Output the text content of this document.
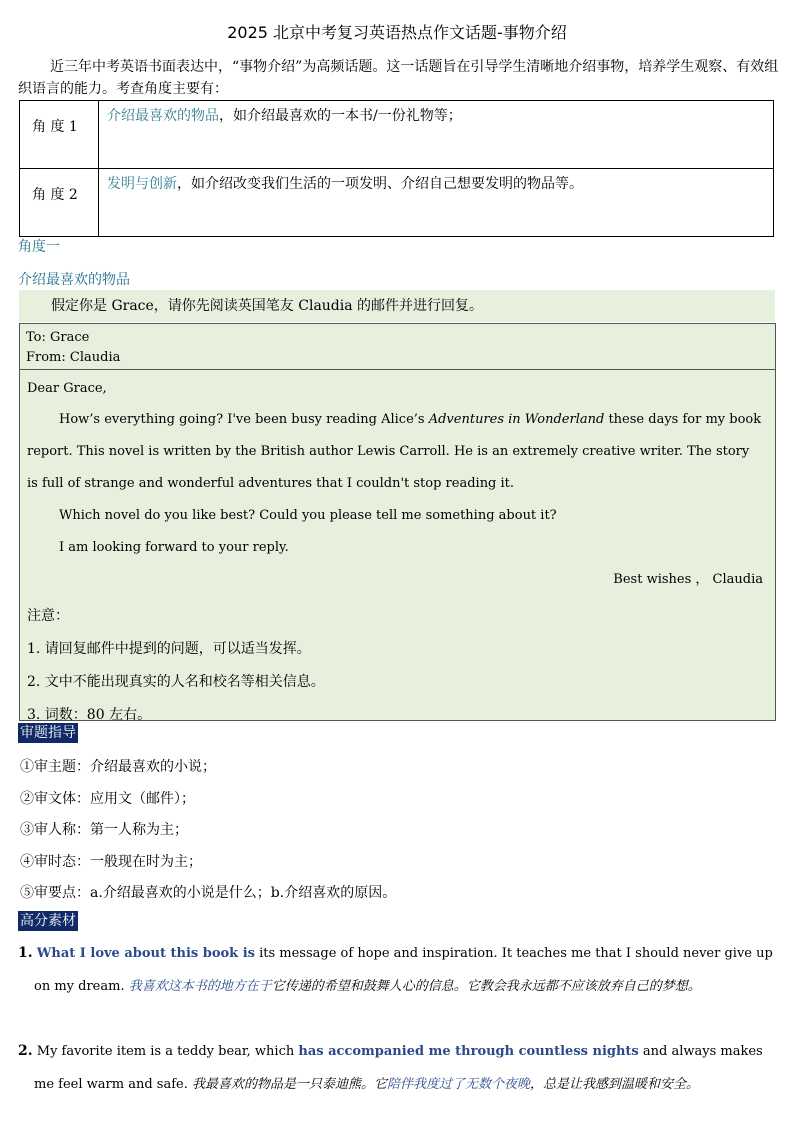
2025 北京中考复习英语热点作文话题-事物介绍
近三年中考英语书面表达中，“事物介绍”为高频话题。这一话题旨在引导学生清晰地介绍事物，培养学生观察、有效组织语言的能力。考查角度主要有：
角 度 1	介绍最喜欢的物品，如介绍最喜欢的一本书/一份礼物等；
角 度 2	发明与创新，如介绍改变我们生活的一项发明、介绍自己想要发明的物品等。
角度一
介绍最喜欢的物品
假定你是 Grace，请你先阅读英国笔友 Claudia 的邮件并进行回复。
To: Grace
From: Claudia

Dear Grace,

How’s everything going? I've been busy reading Alice’s Adventures in Wonderland these days for my book report. This novel is written by the British author Lewis Carroll. He is an extremely creative writer. The story is full of strange and wonderful adventures that I couldn't stop reading it.

Which novel do you like best? Could you please tell me something about it?

I am looking forward to your reply.

Best wishes ， Claudia

注意：
1. 请回复邮件中提到的问题，可以适当发挥。
2. 文中不能出现真实的人名和校名等相关信息。
3. 词数：80 左右。
审题指导
①审主题：介绍最喜欢的小说；
②审文体：应用文（邮件）；
③审人称：第一人称为主；
④审时态：一般现在时为主；
⑤审要点：a.介绍最喜欢的小说是什么；b.介绍喜欢的原因。
高分素材
1. What I love about this book is its message of hope and inspiration. It teaches me that I should never give up on my dream. 我喜欢这本书的地方在于它传递的希望和鼓舞人心的信息。它教会我永远都不应该放弃自己的梦想。
2. My favorite item is a teddy bear, which has accompanied me through countless nights and always makes me feel warm and safe. 我最喜欢的物品是一只泰迪熊。它陪伴我度过了无数个夜晚，总是让我感到温暖和安全。
